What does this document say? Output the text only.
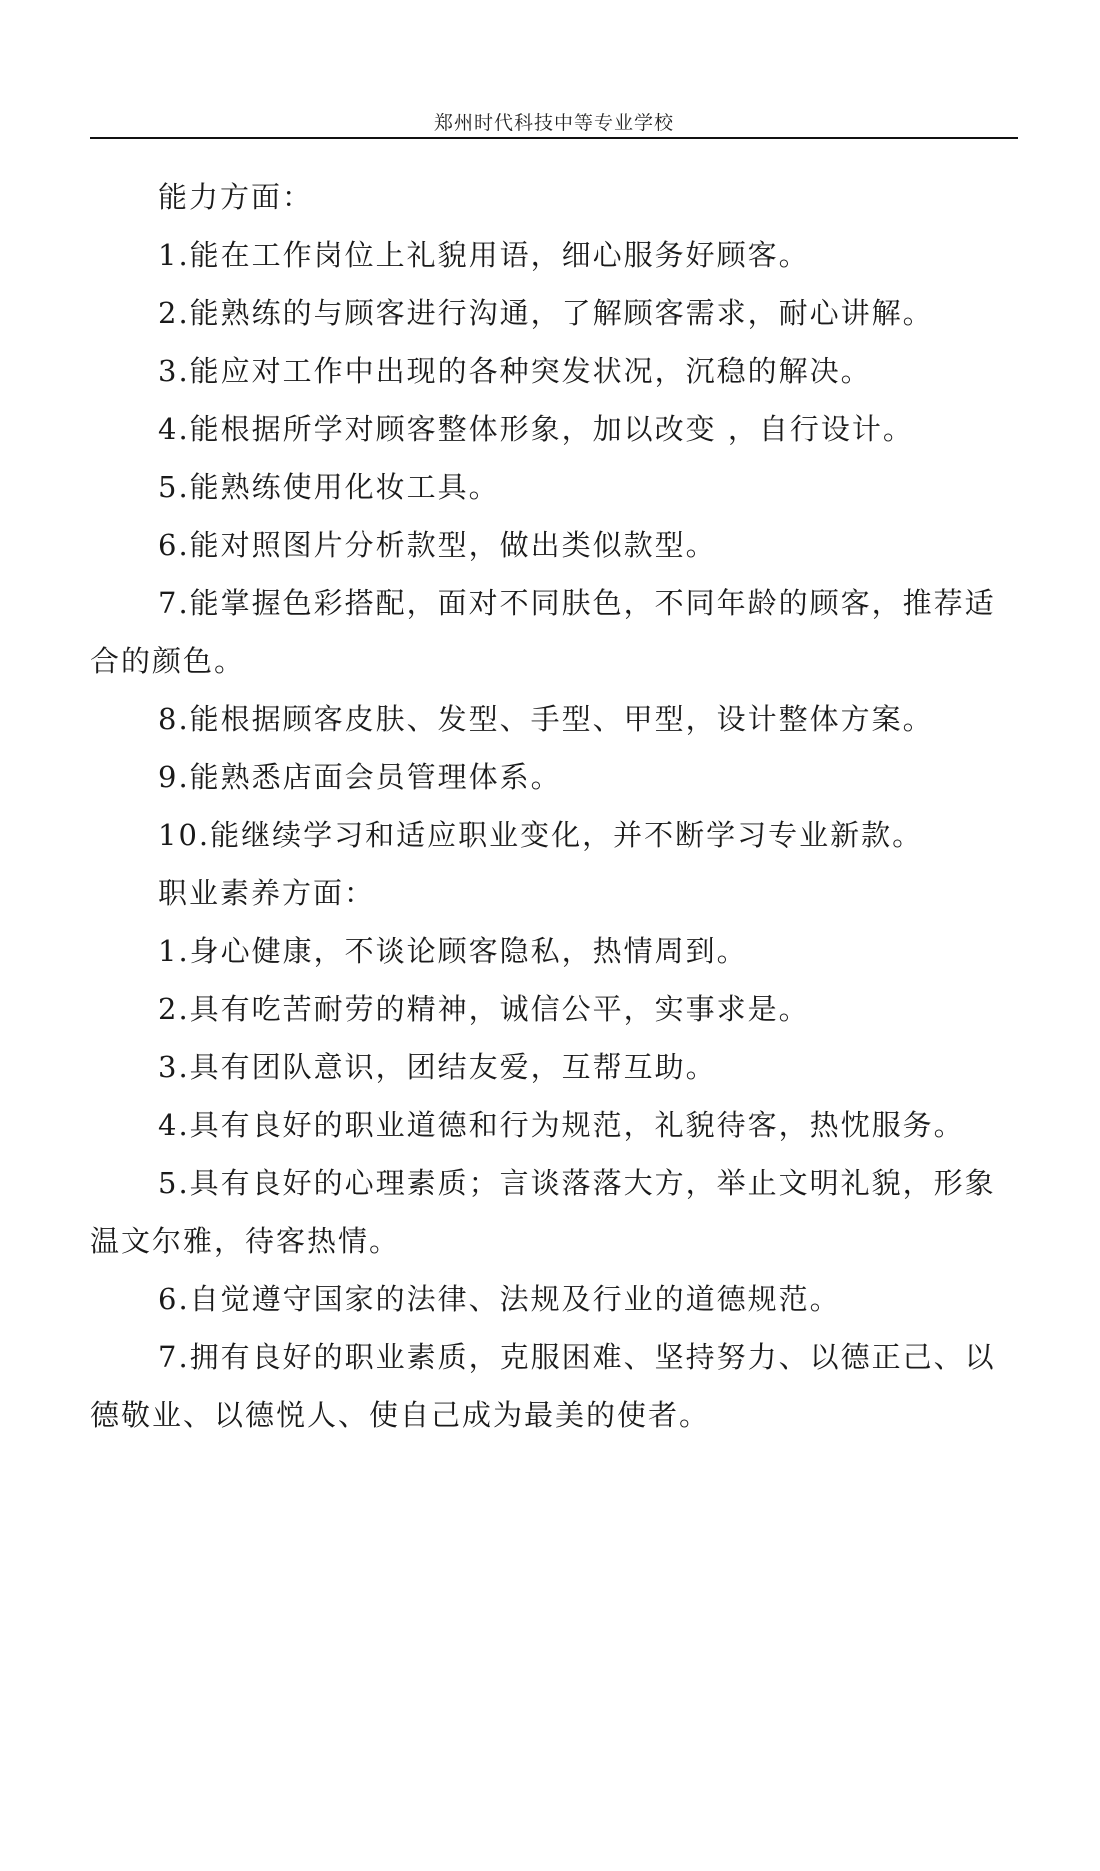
郑州时代科技中等专业学校

能力方面：

1.能在工作岗位上礼貌用语，细心服务好顾客。

2.能熟练的与顾客进行沟通，了解顾客需求，耐心讲解。

3.能应对工作中出现的各种突发状况，沉稳的解决。

4.能根据所学对顾客整体形象，加以改变 ，自行设计。

5.能熟练使用化妆工具。

6.能对照图片分析款型，做出类似款型。

7.能掌握色彩搭配，面对不同肤色，不同年龄的顾客，推荐适合的颜色。

8.能根据顾客皮肤、发型、手型、甲型，设计整体方案。

9.能熟悉店面会员管理体系。

10.能继续学习和适应职业变化，并不断学习专业新款。

职业素养方面：

1.身心健康，不谈论顾客隐私，热情周到。

2.具有吃苦耐劳的精神，诚信公平，实事求是。

3.具有团队意识，团结友爱，互帮互助。

4.具有良好的职业道德和行为规范，礼貌待客，热忱服务。

5.具有良好的心理素质；言谈落落大方，举止文明礼貌，形象温文尔雅，待客热情。

6.自觉遵守国家的法律、法规及行业的道德规范。

7.拥有良好的职业素质，克服困难、坚持努力、以德正己、以德敬业、以德悦人、使自己成为最美的使者。
